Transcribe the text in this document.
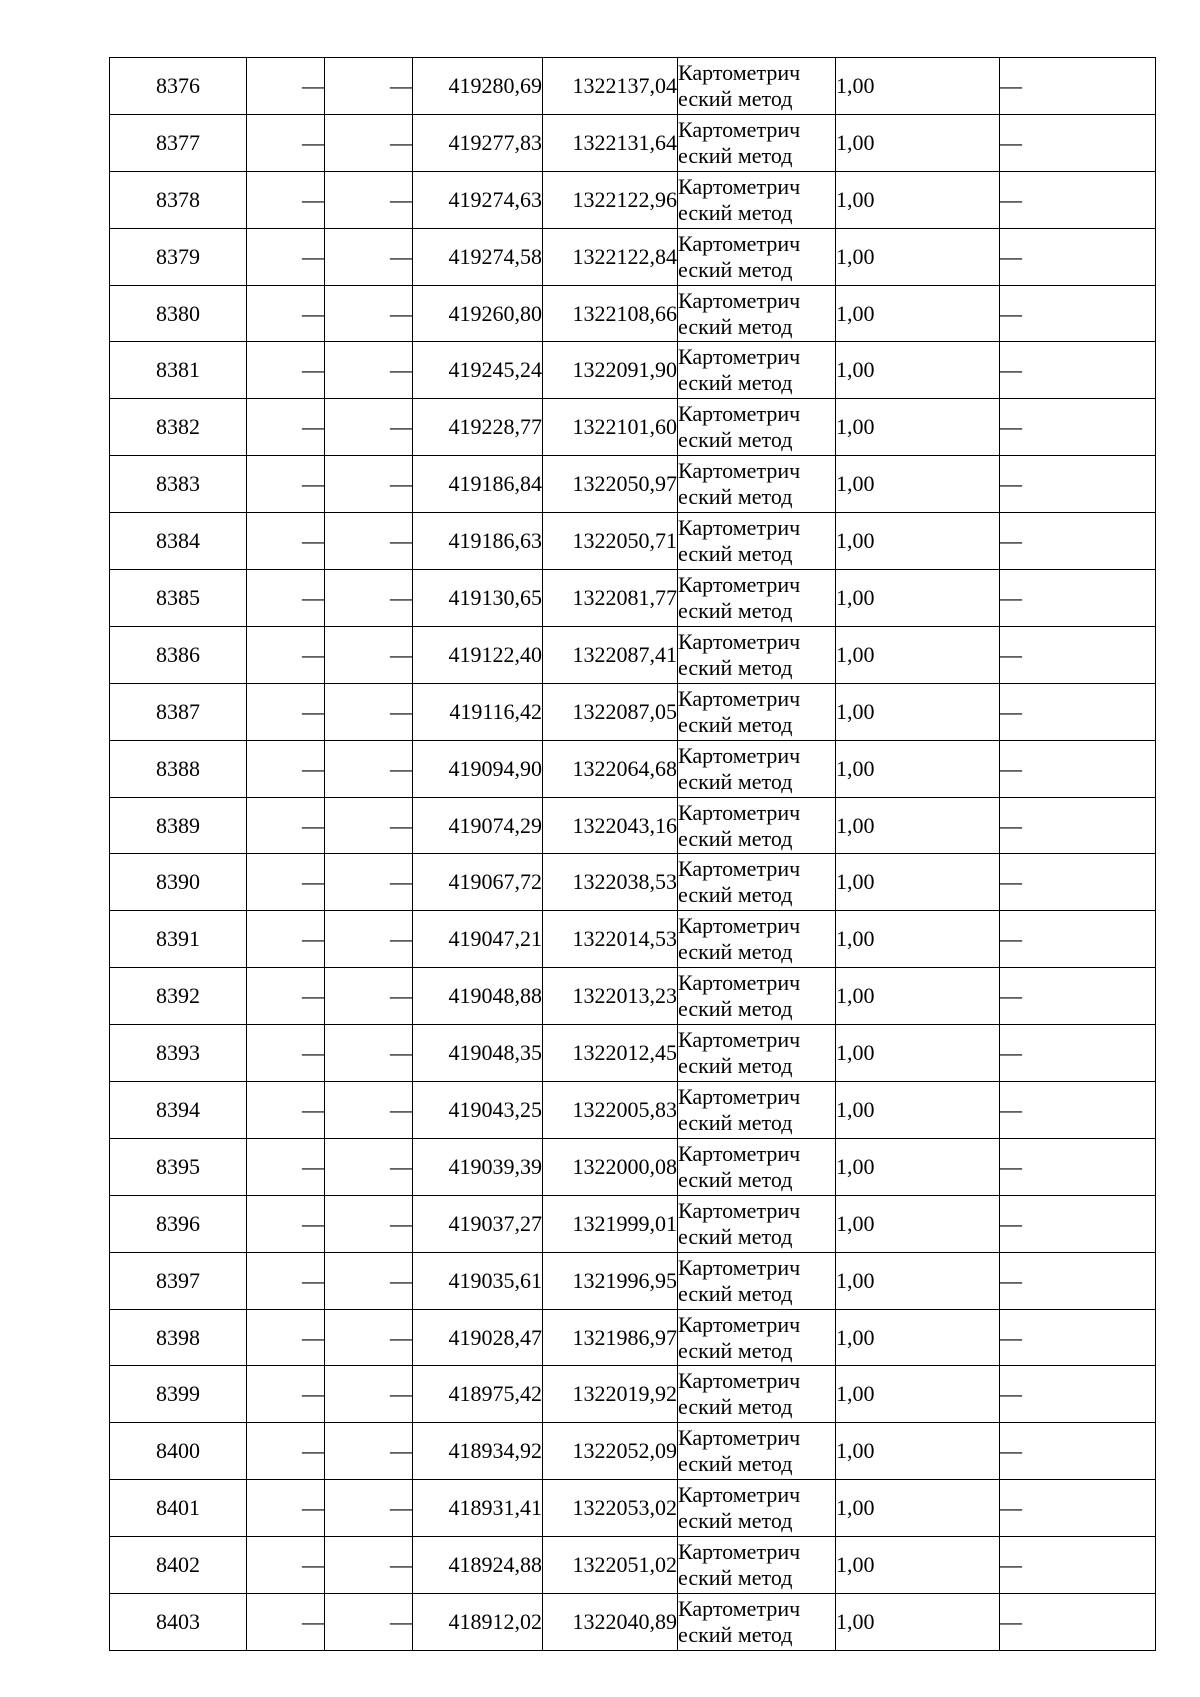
8376	—	—	419280,69	1322137,04	Картометрич
еский метод	1,00	—
8377	—	—	419277,83	1322131,64	Картометрич
еский метод	1,00	—
8378	—	—	419274,63	1322122,96	Картометрич
еский метод	1,00	—
8379	—	—	419274,58	1322122,84	Картометрич
еский метод	1,00	—
8380	—	—	419260,80	1322108,66	Картометрич
еский метод	1,00	—
8381	—	—	419245,24	1322091,90	Картометрич
еский метод	1,00	—
8382	—	—	419228,77	1322101,60	Картометрич
еский метод	1,00	—
8383	—	—	419186,84	1322050,97	Картометрич
еский метод	1,00	—
8384	—	—	419186,63	1322050,71	Картометрич
еский метод	1,00	—
8385	—	—	419130,65	1322081,77	Картометрич
еский метод	1,00	—
8386	—	—	419122,40	1322087,41	Картометрич
еский метод	1,00	—
8387	—	—	419116,42	1322087,05	Картометрич
еский метод	1,00	—
8388	—	—	419094,90	1322064,68	Картометрич
еский метод	1,00	—
8389	—	—	419074,29	1322043,16	Картометрич
еский метод	1,00	—
8390	—	—	419067,72	1322038,53	Картометрич
еский метод	1,00	—
8391	—	—	419047,21	1322014,53	Картометрич
еский метод	1,00	—
8392	—	—	419048,88	1322013,23	Картометрич
еский метод	1,00	—
8393	—	—	419048,35	1322012,45	Картометрич
еский метод	1,00	—
8394	—	—	419043,25	1322005,83	Картометрич
еский метод	1,00	—
8395	—	—	419039,39	1322000,08	Картометрич
еский метод	1,00	—
8396	—	—	419037,27	1321999,01	Картометрич
еский метод	1,00	—
8397	—	—	419035,61	1321996,95	Картометрич
еский метод	1,00	—
8398	—	—	419028,47	1321986,97	Картометрич
еский метод	1,00	—
8399	—	—	418975,42	1322019,92	Картометрич
еский метод	1,00	—
8400	—	—	418934,92	1322052,09	Картометрич
еский метод	1,00	—
8401	—	—	418931,41	1322053,02	Картометрич
еский метод	1,00	—
8402	—	—	418924,88	1322051,02	Картометрич
еский метод	1,00	—
8403	—	—	418912,02	1322040,89	Картометрич
еский метод	1,00	—
